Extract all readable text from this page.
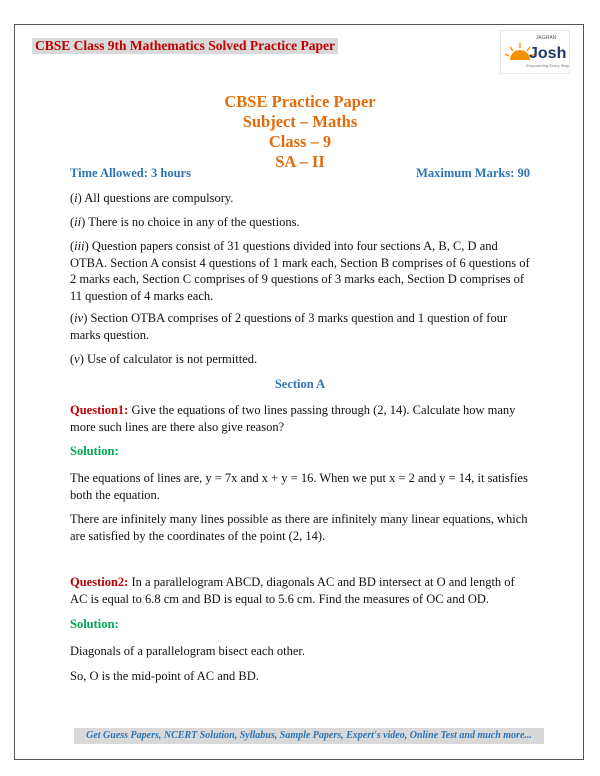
CBSE Class 9th Mathematics Solved Practice Paper	JAGRAN
Josh
Empowering Every Step
CBSE Practice Paper
Subject – Maths
Class – 9
SA – II
Time Allowed: 3 hours	Maximum Marks: 90

(i) All questions are compulsory.

(ii) There is no choice in any of the questions.

(iii) Question papers consist of 31 questions divided into four sections A, B, C, D and OTBA. Section A consist 4 questions of 1 mark each, Section B comprises of 6 questions of 2 marks each, Section C comprises of 9 questions of 3 marks each, Section D comprises of 11 question of 4 marks each.

(iv) Section OTBA comprises of 2 questions of 3 marks question and 1 question of four marks question.

(v) Use of calculator is not permitted.

Section A

Question1: Give the equations of two lines passing through (2, 14). Calculate how many more such lines are there also give reason?

Solution:

The equations of lines are, y = 7x and x + y = 16. When we put x = 2 and y = 14, it satisfies both the equation.

There are infinitely many lines possible as there are infinitely many linear equations, which are satisfied by the coordinates of the point (2, 14).

Question2: In a parallelogram ABCD, diagonals AC and BD intersect at O and length of AC is equal to 6.8 cm and BD is equal to 5.6 cm. Find the measures of OC and OD.

Solution:

Diagonals of a parallelogram bisect each other.

So, O is the mid-point of AC and BD.

Get Guess Papers, NCERT Solution, Syllabus, Sample Papers, Expert's video, Online Test and much more...
